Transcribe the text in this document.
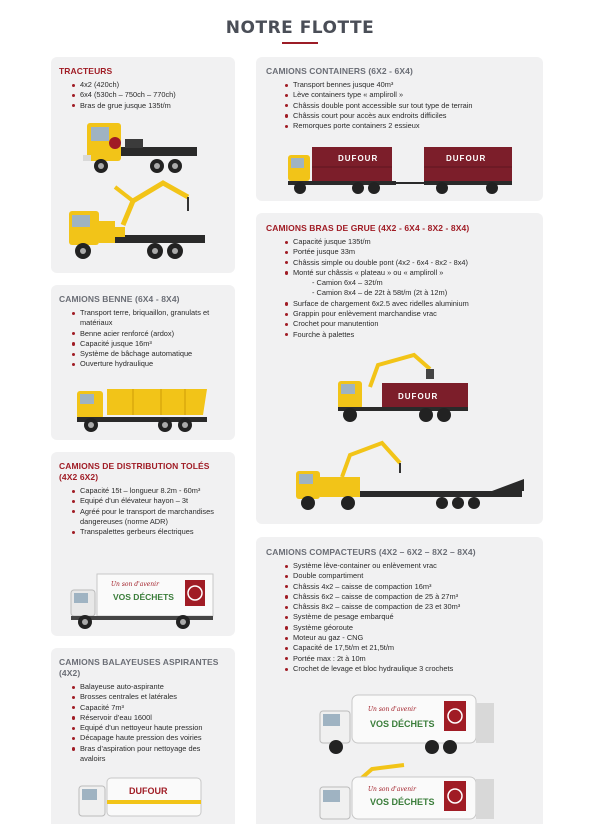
NOTRE FLOTTE
TRACTEURS
4x2 (420ch)
6x4 (530ch – 750ch – 770ch)
Bras de grue jusque 135t/m
CAMIONS BENNE (6X4 - 8X4)
Transport terre, briquaillon, granulats et matériaux
Benne acier renforcé (ardox)
Capacité jusque 16m³
Système de bâchage automatique
Ouverture hydraulique
CAMIONS DE DISTRIBUTION TOLÉS (4X2 6X2)
Capacité 15t – longueur 8.2m - 60m³
Equipé d’un élévateur hayon – 3t
Agréé pour le transport de marchandises dangereuses (norme ADR)
Transpalettes gerbeurs électriques
Un son d'avenir
VOS DÉCHETS
CAMIONS BALAYEUSES ASPIRANTES (4X2)
Balayeuse auto-aspirante
Brosses centrales et latérales
Capacité 7m³
Réservoir d’eau 1600l
Equipé d’un nettoyeur haute pression
Décapage haute pression des voiries
Bras d’aspiration pour nettoyage des avaloirs
DUFOUR
CAMIONS CONTAINERS (6X2 - 6X4)
Transport bennes jusque 40m³
Lève containers type « ampliroll »
Châssis double pont accessible sur tout type de terrain
Châssis court pour accès aux endroits difficiles
Remorques porte containers 2 essieux
DUFOUR	DUFOUR
CAMIONS BRAS DE GRUE (4X2 - 6X4 - 8X2 - 8X4)
Capacité jusque 135t/m
Portée jusque 33m
Châssis simple ou double pont (4x2 - 6x4 - 8x2 - 8x4)
Monté sur châssis « plateau » ou « ampliroll »
- Camion 6x4 – 32t/m
- Camion 8x4 – de 22t à 58t/m (2t à 12m)
Surface de chargement 6x2.5 avec ridelles aluminium
Grappin pour enlèvement marchandise vrac
Crochet pour manutention
Fourche à palettes
DUFOUR
CAMIONS COMPACTEURS (4X2 – 6X2 – 8X2 – 8X4)
Système lève-container ou enlèvement vrac
Double compartiment
Châssis 4x2 – caisse de compaction 16m³
Châssis 6x2 – caisse de compaction de 25 à 27m³
Châssis 8x2 – caisse de compaction de 23 et 30m³
Système de pesage embarqué
Système géoroute
Moteur au gaz - CNG
Capacité de 17,5t/m et 21,5t/m
Portée max : 2t à 10m
Crochet de levage et bloc hydraulique 3 crochets
Un son d'avenir
VOS DÉCHETS
Un son d'avenir
VOS DÉCHETS
